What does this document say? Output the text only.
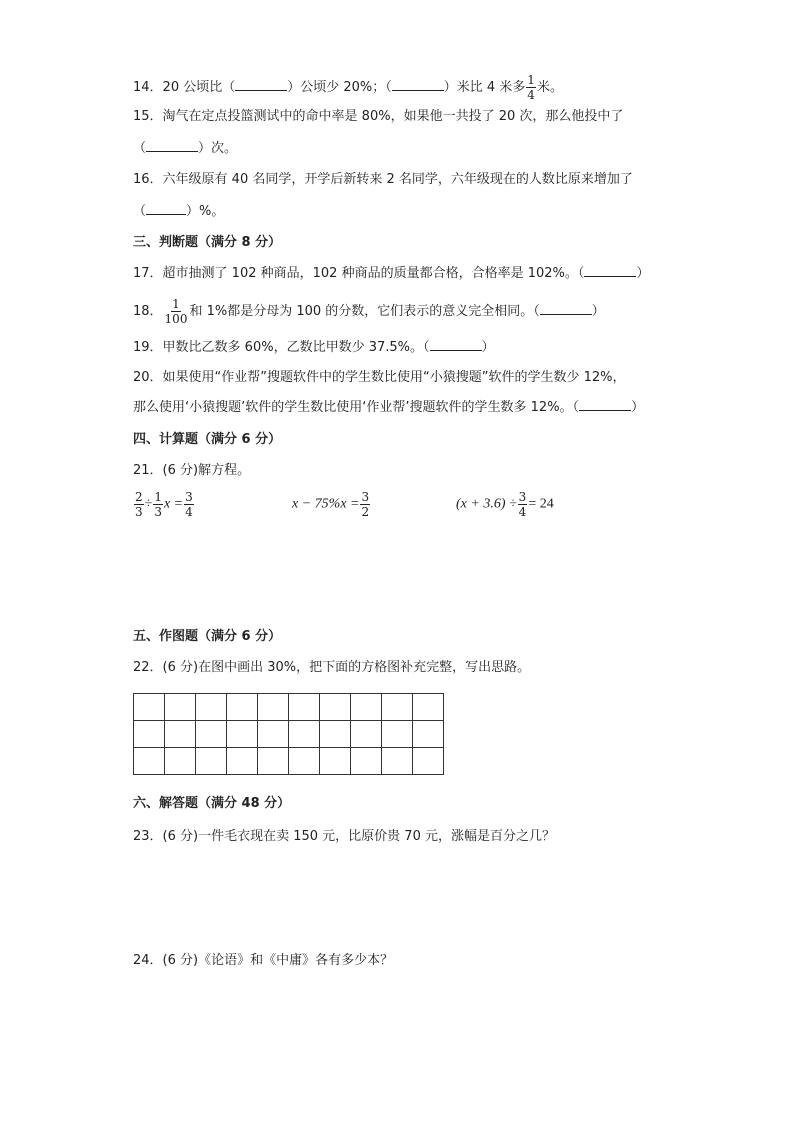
14．20 公顷比（	）公顷少 20%；（	）米比 4 米多 $\frac{1}{4}$ 米。
15．淘气在定点投篮测试中的命中率是 80%，如果他一共投了 20 次，那么他投中了
（	）次。
16．六年级原有 40 名同学，开学后新转来 2 名同学，六年级现在的人数比原来增加了
（	）%。
三、判断题（满分 8 分）
17．超市抽测了 102 种商品，102 种商品的质量都合格，合格率是 102%。（	）
18． $\frac{1}{100}$ 和 1%都是分母为 100 的分数，它们表示的意义完全相同。（	）
19．甲数比乙数多 60%，乙数比甲数少 37.5%。（	）
20．如果使用“作业帮”搜题软件中的学生数比使用“小猿搜题”软件的学生数少 12%，
那么使用‘小猿搜题’软件的学生数比使用‘作业帮’搜题软件的学生数多 12%。（	）
四、计算题（满分 6 分）
21．(6 分)解方程。
$\frac{2}{3} \div \frac{1}{3}$ $x = \frac{3}{4}$	$x - 75\%x = \frac{3}{2}$	$(x + 3.6) \div \frac{3}{4} = 24$
五、作图题（满分 6 分）
22．(6 分)在图中画出 30%，把下面的方格图补充完整，写出思路。

六、解答题（满分 48 分）
23．(6 分)一件毛衣现在卖 150 元，比原价贵 70 元，涨幅是百分之几？
24．(6 分)《论语》和《中庸》各有多少本？
